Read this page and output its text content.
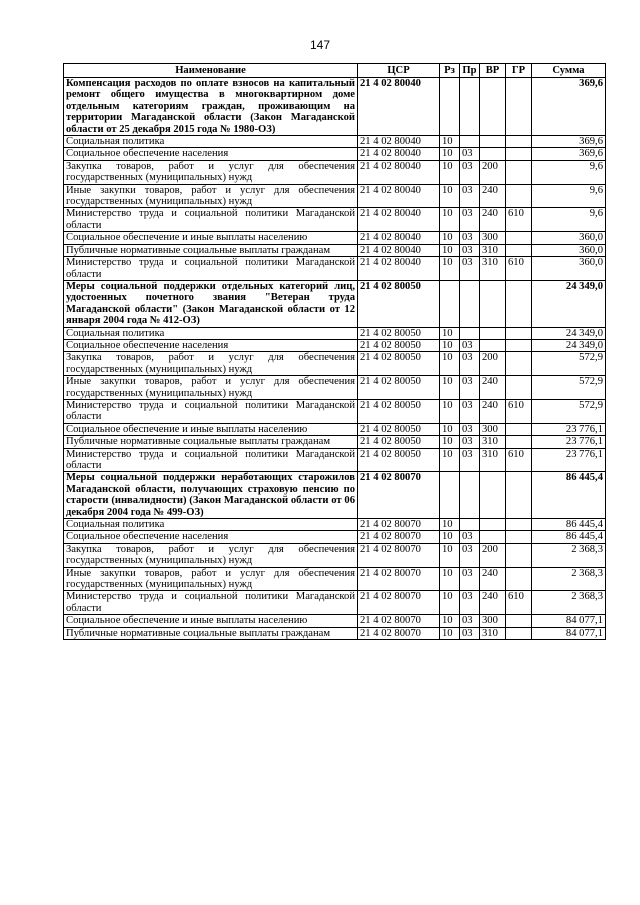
147
Наименование	ЦСР	Рз	Пр	ВР	ГР	Сумма
Компенсация расходов по оплате взносов на капитальный ремонт общего имущества в многоквартирном доме отдельным категориям граждан, проживающим на территории Магаданской области (Закон Магаданской области от 25 декабря 2015 года № 1980-ОЗ)	21 4 02 80040					369,6
Социальная политика	21 4 02 80040	10				369,6
Социальное обеспечение населения	21 4 02 80040	10	03			369,6
Закупка товаров, работ и услуг для обеспечения государственных (муниципальных) нужд	21 4 02 80040	10	03	200		9,6
Иные закупки товаров, работ и услуг для обеспечения государственных (муниципальных) нужд	21 4 02 80040	10	03	240		9,6
Министерство труда и социальной политики Магаданской области	21 4 02 80040	10	03	240	610	9,6
Социальное обеспечение и иные выплаты населению	21 4 02 80040	10	03	300		360,0
Публичные нормативные социальные выплаты гражданам	21 4 02 80040	10	03	310		360,0
Министерство труда и социальной политики Магаданской области	21 4 02 80040	10	03	310	610	360,0
Меры социальной поддержки отдельных категорий лиц, удостоенных почетного звания "Ветеран труда Магаданской области" (Закон Магаданской области от 12 января 2004 года № 412-ОЗ)	21 4 02 80050					24 349,0
Социальная политика	21 4 02 80050	10				24 349,0
Социальное обеспечение населения	21 4 02 80050	10	03			24 349,0
Закупка товаров, работ и услуг для обеспечения государственных (муниципальных) нужд	21 4 02 80050	10	03	200		572,9
Иные закупки товаров, работ и услуг для обеспечения государственных (муниципальных) нужд	21 4 02 80050	10	03	240		572,9
Министерство труда и социальной политики Магаданской области	21 4 02 80050	10	03	240	610	572,9
Социальное обеспечение и иные выплаты населению	21 4 02 80050	10	03	300		23 776,1
Публичные нормативные социальные выплаты гражданам	21 4 02 80050	10	03	310		23 776,1
Министерство труда и социальной политики Магаданской области	21 4 02 80050	10	03	310	610	23 776,1
Меры социальной поддержки неработающих старожилов Магаданской области, получающих страховую пенсию по старости (инвалидности) (Закон Магаданской области от 06 декабря 2004 года № 499-ОЗ)	21 4 02 80070					86 445,4
Социальная политика	21 4 02 80070	10				86 445,4
Социальное обеспечение населения	21 4 02 80070	10	03			86 445,4
Закупка товаров, работ и услуг для обеспечения государственных (муниципальных) нужд	21 4 02 80070	10	03	200		2 368,3
Иные закупки товаров, работ и услуг для обеспечения государственных (муниципальных) нужд	21 4 02 80070	10	03	240		2 368,3
Министерство труда и социальной политики Магаданской области	21 4 02 80070	10	03	240	610	2 368,3
Социальное обеспечение и иные выплаты населению	21 4 02 80070	10	03	300		84 077,1
Публичные нормативные социальные выплаты гражданам	21 4 02 80070	10	03	310		84 077,1
